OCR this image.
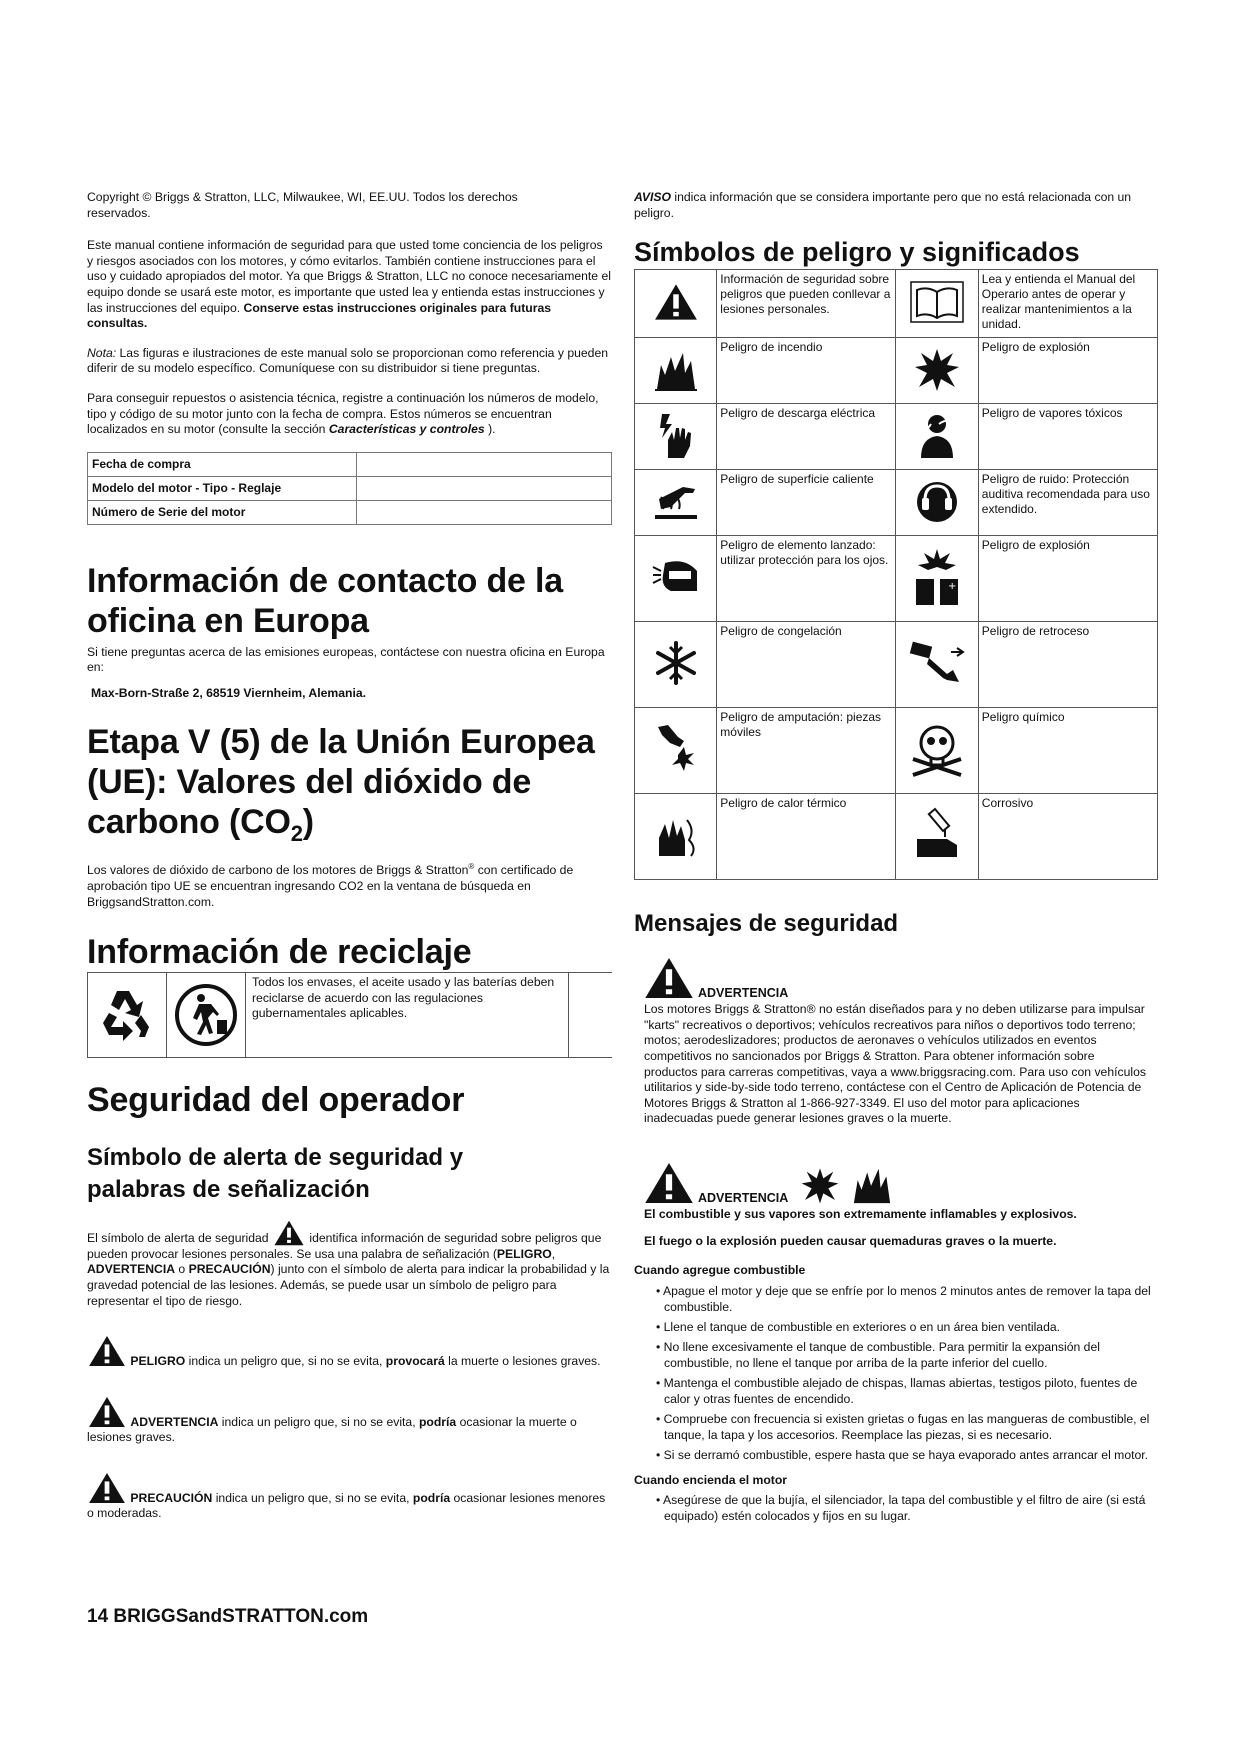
Copyright © Briggs & Stratton, LLC, Milwaukee, WI, EE.UU. Todos los derechos reservados.

Este manual contiene información de seguridad para que usted tome conciencia de los peligros y riesgos asociados con los motores, y cómo evitarlos. También contiene instrucciones para el uso y cuidado apropiados del motor. Ya que Briggs & Stratton, LLC no conoce necesariamente el equipo donde se usará este motor, es importante que usted lea y entienda estas instrucciones y las instrucciones del equipo. Conserve estas instrucciones originales para futuras consultas.

Nota: Las figuras e ilustraciones de este manual solo se proporcionan como referencia y pueden diferir de su modelo específico. Comuníquese con su distribuidor si tiene preguntas.

Para conseguir repuestos o asistencia técnica, registre a continuación los números de modelo, tipo y código de su motor junto con la fecha de compra. Estos números se encuentran localizados en su motor (consulte la sección Características y controles ).

Fecha de compra	
Modelo del motor - Tipo - Reglaje	
Número de Serie del motor	
Información de contacto de la oficina en Europa

Si tiene preguntas acerca de las emisiones europeas, contáctese con nuestra oficina en Europa en:

Max-Born-Straße 2, 68519 Viernheim, Alemania.

Etapa V (5) de la Unión Europea (UE): Valores del dióxido de carbono $(CO_2)$

Los valores de dióxido de carbono de los motores de Briggs & Stratton® con certificado de aprobación tipo UE se encuentran ingresando CO2 en la ventana de búsqueda en BriggsandStratton.com.

Información de reciclaje

Todos los envases, el aceite usado y las baterías deben reciclarse de acuerdo con las regulaciones gubernamentales aplicables.

Seguridad del operador
Símbolo de alerta de seguridad y palabras de señalización

El símbolo de alerta de seguridad	identifica información de seguridad sobre peligros que pueden provocar lesiones personales. Se usa una palabra de señalización (PELIGRO, ADVERTENCIA o PRECAUCIÓN) junto con el símbolo de alerta para indicar la probabilidad y la gravedad potencial de las lesiones. Además, se puede usar un símbolo de peligro para representar el tipo de riesgo.

PELIGRO indica un peligro que, si no se evita, provocará la muerte o lesiones graves.

ADVERTENCIA indica un peligro que, si no se evita, podría ocasionar la muerte o lesiones graves.

PRECAUCIÓN indica un peligro que, si no se evita, podría ocasionar lesiones menores o moderadas.

AVISO indica información que se considera importante pero que no está relacionada con un peligro.

Símbolos de peligro y significados
	Información de seguridad sobre peligros que pueden conllevar a lesiones personales.		Lea y entienda el Manual del Operario antes de operar y realizar mantenimientos a la unidad.
	Peligro de incendio		Peligro de explosión
	Peligro de descarga eléctrica		Peligro de vapores tóxicos
	Peligro de superficie caliente		Peligro de ruido: Protección auditiva recomendada para uso extendido.
	Peligro de elemento lanzado: utilizar protección para los ojos.	+	Peligro de explosión
	Peligro de congelación		Peligro de retroceso
	Peligro de amputación: piezas móviles		Peligro químico
	Peligro de calor térmico		Corrosivo
Mensajes de seguridad
ADVERTENCIA

Los motores Briggs & Stratton® no están diseñados para y no deben utilizarse para impulsar "karts" recreativos o deportivos; vehículos recreativos para niños o deportivos todo terreno; motos; aerodeslizadores; productos de aeronaves o vehículos utilizados en eventos competitivos no sancionados por Briggs & Stratton. Para obtener información sobre productos para carreras competitivas, vaya a www.briggsracing.com. Para uso con vehículos utilitarios y side-by-side todo terreno, contáctese con el Centro de Aplicación de Potencia de Motores Briggs & Stratton al 1-866-927-3349. El uso del motor para aplicaciones inadecuadas puede generar lesiones graves o la muerte.

ADVERTENCIA

El combustible y sus vapores son extremamente inflamables y explosivos.

El fuego o la explosión pueden causar quemaduras graves o la muerte.

Cuando agregue combustible

• Apague el motor y deje que se enfríe por lo menos 2 minutos antes de remover la tapa del combustible.
• Llene el tanque de combustible en exteriores o en un área bien ventilada.
• No llene excesivamente el tanque de combustible. Para permitir la expansión del combustible, no llene el tanque por arriba de la parte inferior del cuello.
• Mantenga el combustible alejado de chispas, llamas abiertas, testigos piloto, fuentes de calor y otras fuentes de encendido.
• Compruebe con frecuencia si existen grietas o fugas en las mangueras de combustible, el tanque, la tapa y los accesorios. Reemplace las piezas, si es necesario.
• Si se derramó combustible, espere hasta que se haya evaporado antes arrancar el motor.

Cuando encienda el motor

• Asegúrese de que la bujía, el silenciador, la tapa del combustible y el filtro de aire (si está equipado) estén colocados y fijos en su lugar.
14 BRIGGSandSTRATTON.com
